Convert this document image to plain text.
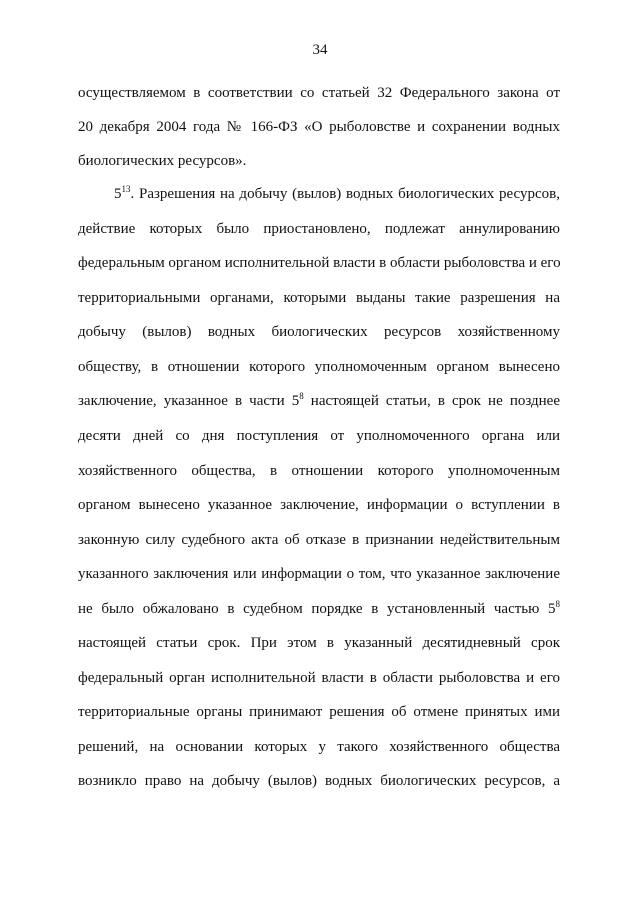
34
осуществляемом в соответствии со статьей 32 Федерального закона от
20 декабря 2004 года № 166-ФЗ «О рыболовстве и сохранении водных
биологических ресурсов».
$5^{13}$. Разрешения на добычу (вылов) водных биологических ресурсов,
действие которых было приостановлено, подлежат аннулированию
федеральным органом исполнительной власти в области рыболовства и его
территориальными органами, которыми выданы такие разрешения на
добычу (вылов) водных биологических ресурсов хозяйственному
обществу, в отношении которого уполномоченным органом вынесено
заключение, указанное в части $5^8$ настоящей статьи, в срок не позднее
десяти дней со дня поступления от уполномоченного органа или
хозяйственного общества, в отношении которого уполномоченным
органом вынесено указанное заключение, информации о вступлении в
законную силу судебного акта об отказе в признании недействительным
указанного заключения или информации о том, что указанное заключение
не было обжаловано в судебном порядке в установленный частью $5^8$
настоящей статьи срок. При этом в указанный десятидневный срок
федеральный орган исполнительной власти в области рыболовства и его
территориальные органы принимают решения об отмене принятых ими
решений, на основании которых у такого хозяйственного общества
возникло право на добычу (вылов) водных биологических ресурсов, а
